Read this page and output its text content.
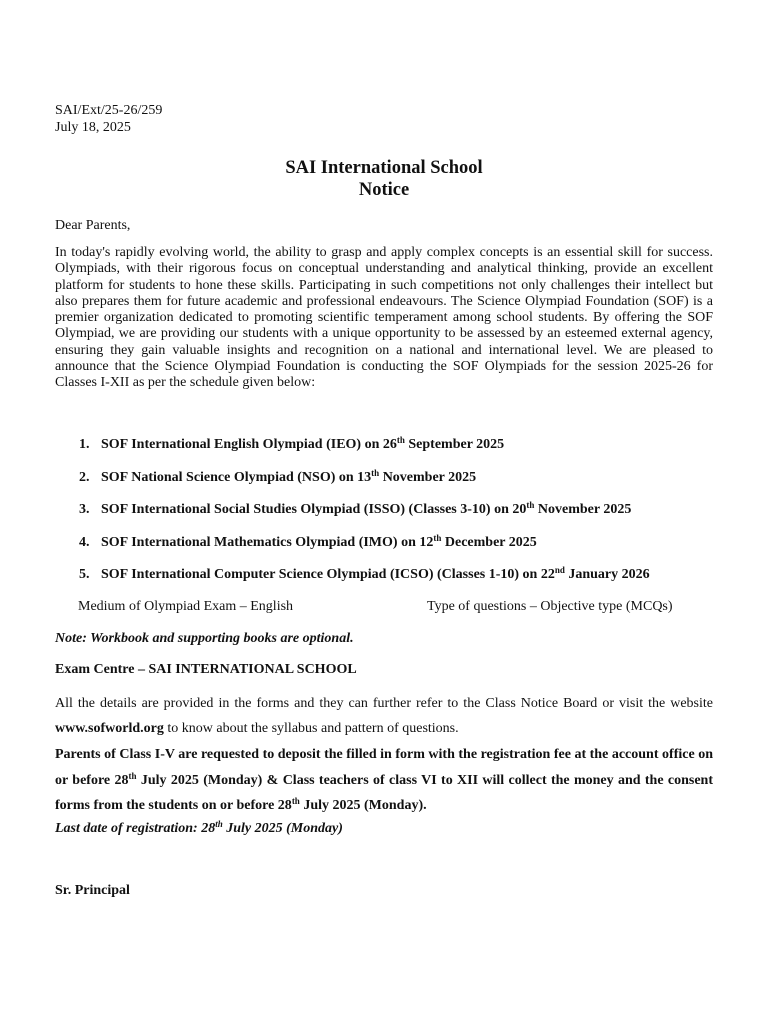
SAI/Ext/25-26/259
July 18, 2025
SAI International School
Notice
Dear Parents,

In today's rapidly evolving world, the ability to grasp and apply complex concepts is an essential skill for success. Olympiads, with their rigorous focus on conceptual understanding and analytical thinking, provide an excellent platform for students to hone these skills. Participating in such competitions not only challenges their intellect but also prepares them for future academic and professional endeavours. The Science Olympiad Foundation (SOF) is a premier organization dedicated to promoting scientific temperament among school students. By offering the SOF Olympiad, we are providing our students with a unique opportunity to be assessed by an esteemed external agency, ensuring they gain valuable insights and recognition on a national and international level. We are pleased to announce that the Science Olympiad Foundation is conducting the SOF Olympiads for the session 2025-26 for Classes I-XII as per the schedule given below:

1. SOF International English Olympiad (IEO) on 26th September 2025
2. SOF National Science Olympiad (NSO) on 13th November 2025
3. SOF International Social Studies Olympiad (ISSO) (Classes 3-10) on 20th November 2025
4. SOF International Mathematics Olympiad (IMO) on 12th December 2025
5. SOF International Computer Science Olympiad (ICSO) (Classes 1-10) on 22nd January 2026
Medium of Olympiad Exam – English	Type of questions – Objective type (MCQs)
Note: Workbook and supporting books are optional.
Exam Centre – SAI INTERNATIONAL SCHOOL

All the details are provided in the forms and they can further refer to the Class Notice Board or visit the website www.sofworld.org to know about the syllabus and pattern of questions.

Parents of Class I-V are requested to deposit the filled in form with the registration fee at the account office on or before 28th July 2025 (Monday) & Class teachers of class VI to XII will collect the money and the consent forms from the students on or before 28th July 2025 (Monday).

Last date of registration: 28th July 2025 (Monday)
Sr. Principal
